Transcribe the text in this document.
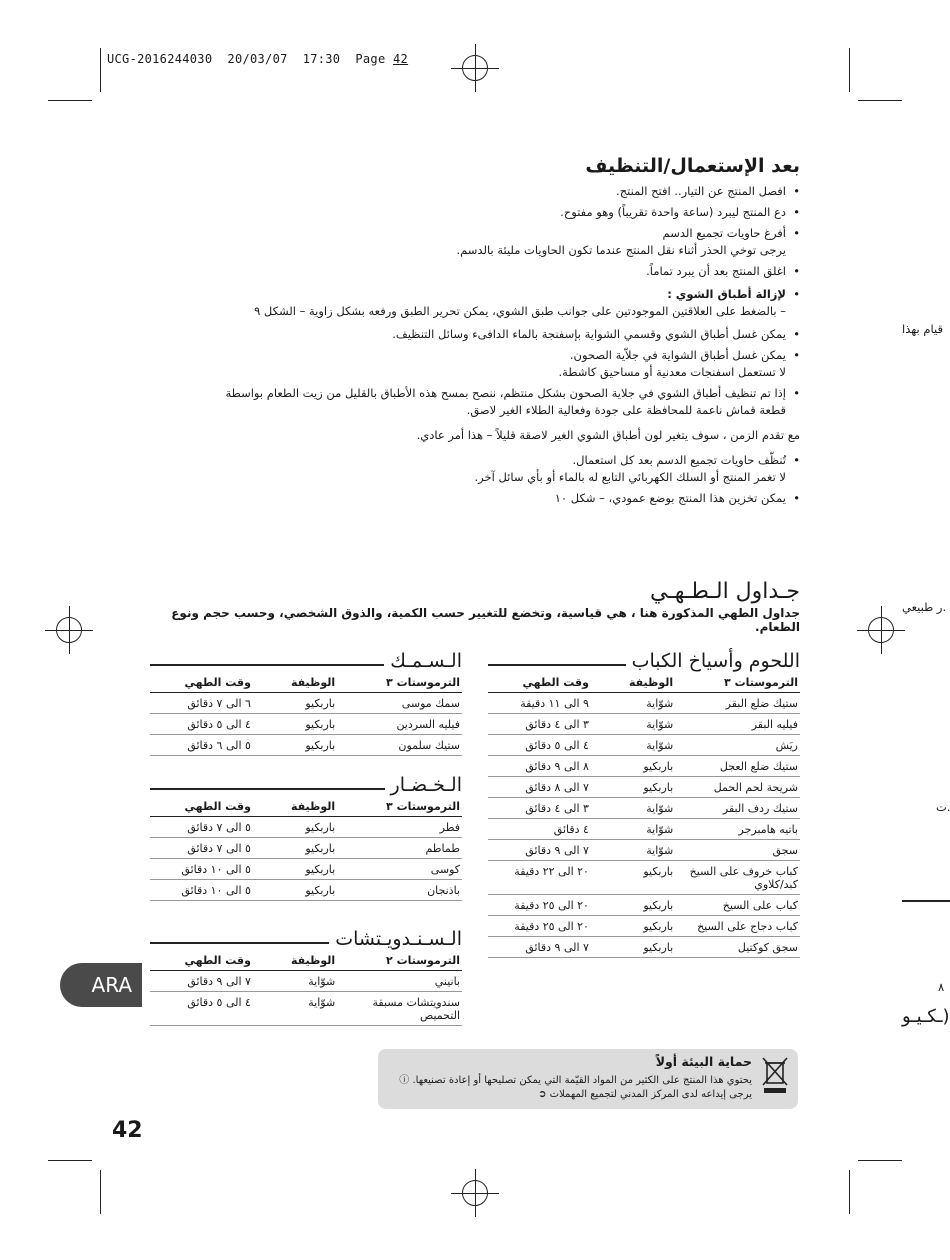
UCG-2016244030 20/03/07 17:30 Page 42
قيام بهذا
ر طبيعي.
ت
٨
ـكـيـو)
بعد الإستعمال/التنظيف
• افصل المنتج عن التيار.. افتح المنتج.
• دع المنتج ليبرد (ساعة واحدة تقريباً) وهو مفتوح.
• أفرغ حاويات تجميع الدسم
يرجى توخي الحذر أثناء نقل المنتج عندما تكون الحاويات مليئة بالدسم.
• اغلق المنتج بعد أن يبرد تماماً.
• لإزالة أطباق الشوي :
– بالضغط على العلاقتين الموجودتين على جوانب طبق الشوي، يمكن تحرير الطبق ورفعه بشكل زاوية – الشكل ٩
• يمكن غسل أطباق الشوي وقسمي الشواية بإسفنجة بالماء الدافىء وسائل التنظيف.
• يمكن غسل أطباق الشواية في جلاّية الصحون.
لا تستعمل اسفنجات معدنية أو مساحيق كاشطة.
• إذا تم تنظيف أطباق الشوي في جلاية الصحون بشكل منتظم، ننصح بمسح هذه الأطباق بالقليل من زيت الطعام بواسطة
قطعة قماش ناعمة للمحافظة على جودة وفعالية الطلاء الغير لاصق.
مع تقدم الزمن ، سوف يتغير لون أطباق الشوي الغير لاصقة قليلاً – هذا أمر عادي.
• تُنظّف حاويات تجميع الدسم بعد كل استعمال.
لا تغمر المنتج أو السلك الكهربائي التابع له بالماء أو بأي سائل آخر.
• يمكن تخزين هذا المنتج بوضع عمودي، – شكل ١٠
جـداول الـطـهـي
جداول الطهي المذكورة هنا ، هي قياسية، وتخضع للتغيير حسب الكمية، والذوق الشخصي، وحسب حجم ونوع الطعام.
اللحوم وأسياخ الكباب
الترموستات ٣	الوظيفة	وقت الطهي
ستيك ضلع البقر	شوّاية	٩ الى ١١ دقيقة
فيليه البقر	شوّاية	٣ الى ٤ دقائق
ريَش	شوّاية	٤ الى ٥ دقائق
ستيك ضلع العجل	باربكيو	٨ الى ٩ دقائق
شريحة لحم الحمل	باربكيو	٧ الى ٨ دقائق
ستيك ردف البقر	شوّاية	٣ الى ٤ دقائق
باتيه هامبرجر	شوّاية	٤ دقائق
سجق	شوّاية	٧ الى ٩ دقائق
كباب خروف على السيخ كبد/كلاوي	باربكيو	٢٠ الى ٢٢ دقيقة
كباب على السيخ	باربكيو	٢٠ الى ٢٥ دقيقة
كباب دجاج على السيخ	باربكيو	٢٠ الى ٢٥ دقيقة
سجق كوكتيل	باربكيو	٧ الى ٩ دقائق
الـسـمـك
الترموستات ٣	الوظيفة	وقت الطهي
سمك موسى	باربكيو	٦ الى ٧ دقائق
فيليه السردين	باربكيو	٤ الى ٥ دقائق
ستيك سلمون	باربكيو	٥ الى ٦ دقائق
الـخـضـار
الترموستات ٣	الوظيفة	وقت الطهي
فطر	باربكيو	٥ الى ٧ دقائق
طماطم	باربكيو	٥ الى ٧ دقائق
كوسى	باربكيو	٥ الى ١٠ دقائق
باذنجان	باربكيو	٥ الى ١٠ دقائق
الـسـنـدويـتشات
الترموستات ٢	الوظيفة	وقت الطهي
بانيني	شوّاية	٧ الى ٩ دقائق
سندويتشات مسبقة التحميص	شوّاية	٤ الى ٥ دقائق
ARA
حماية البيئة أولاً
يحتوي هذا المنتج على الكثير من المواد القيّمة التي يمكن تصليحها أو إعادة تصنيعها. ⓘ
يرجى إيداعه لدى المركز المدني لتجميع المهملات ➲
42
